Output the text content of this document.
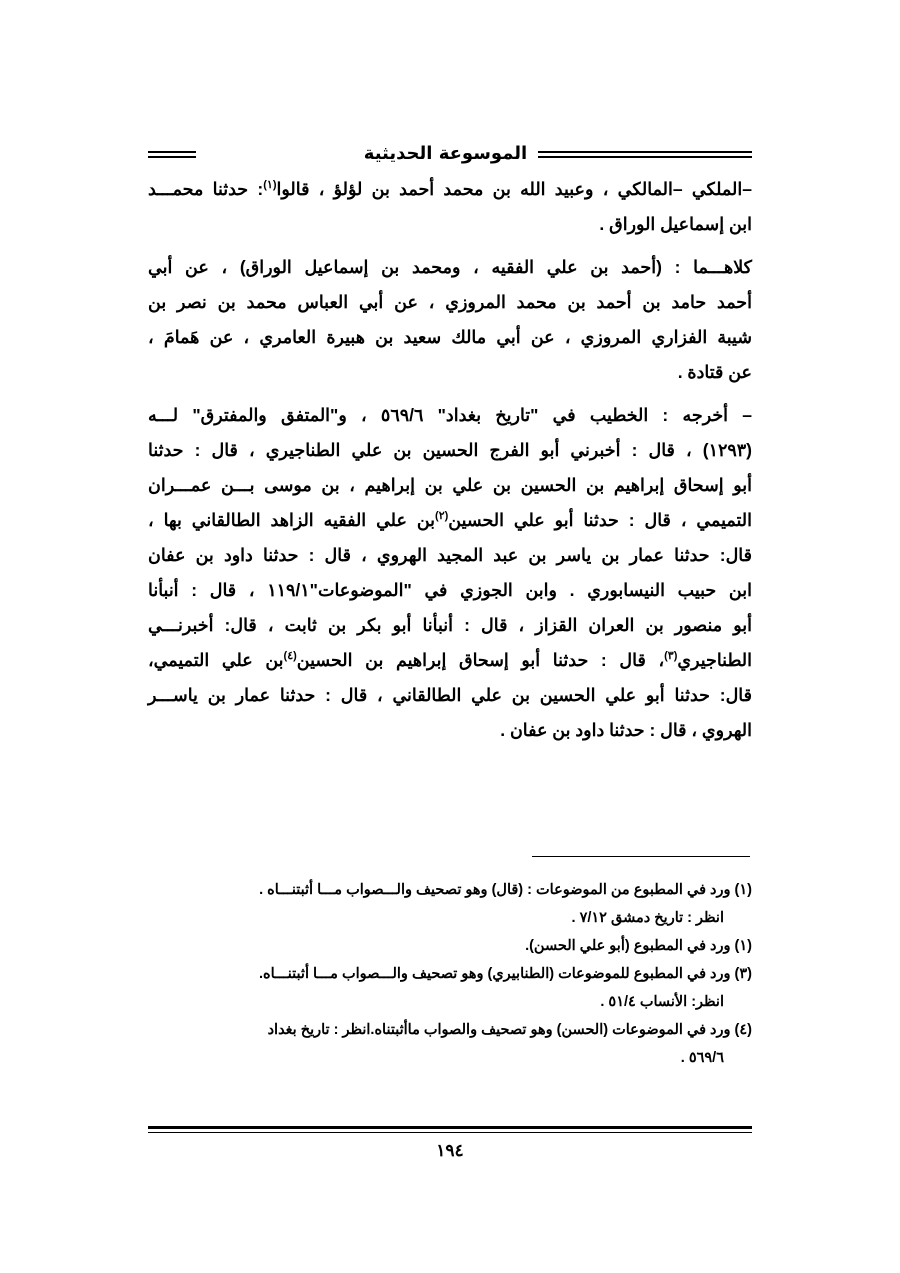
الموسوعة الحديثية

–الملكي –المالكي ، وعبيد الله بن محمد أحمد بن لؤلؤ ، قالوا$^{(١)}$: حدثنا محمـــد
ابن إسماعيل الوراق .

كلاهـــما : (أحمد بن علي الفقيه ، ومحمد بن إسماعيل الوراق) ، عن أبي
أحمد حامد بن أحمد بن محمد المروزي ، عن أبي العباس محمد بن نصر بن
شيبة الفزاري المروزي ، عن أبي مالك سعيد بن هبيرة العامري ، عن هَمامَ ،
عن قتادة .

– أخرجه : الخطيب في "تاريخ بغداد" ٥٦٩/٦ ، و"المتفق والمفترق" لـــه
(١٢٩٣) ، قال : أخبرني أبو الفرج الحسين بن علي الطناجيري ، قال : حدثنا
أبو إسحاق إبراهيم بن الحسين بن علي بن إبراهيم ، بن موسى بـــن عمـــران
التميمي ، قال : حدثنا أبو علي الحسين$^{(٢)}$بن علي الفقيه الزاهد الطالقاني بها ،
قال: حدثنا عمار بن ياسر بن عبد المجيد الهروي ، قال : حدثنا داود بن عفان
ابن حبيب النيسابوري . وابن الجوزي في "الموضوعات"١١٩/١ ، قال : أنبأنا
أبو منصور بن العران القزاز ، قال : أنبأنا أبو بكر بن ثابت ، قال: أخبرنـــي
الطناجيري$^{(٣)}$، قال : حدثنا أبو إسحاق إبراهيم بن الحسين$^{(٤)}$بن علي التميمي،
قال: حدثنا أبو علي الحسين بن علي الطالقاني ، قال : حدثنا عمار بن ياســـر
الهروي ، قال : حدثنا داود بن عفان .

(١) ورد في المطبوع من الموضوعات : (قال) وهو تصحيف والـــصواب مـــا أثبتنـــاه .
انظر : تاريخ دمشق ٧/١٢ .
(١) ورد في المطبوع (أبو علي الحسن).
(٣) ورد في المطبوع للموضوعات (الطنابيري) وهو تصحيف والـــصواب مـــا أثبتنـــاه.
انظر: الأنساب ٥١/٤ .
(٤) ورد في الموضوعات (الحسن) وهو تصحيف والصواب ماأثبتناه.انظر : تاريخ بغداد
٥٦٩/٦ .
١٩٤
